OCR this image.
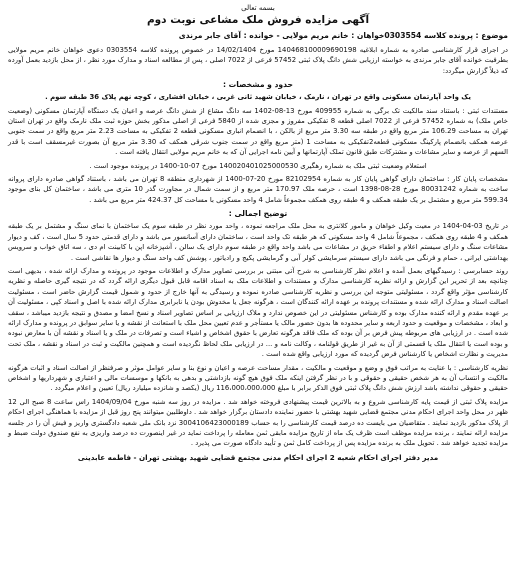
بسمه تعالی
آگهی مزایده فروش ملک مشاعی نوبت دوم
موضوع : پرونده کلاسه 0303554خواهان : خانم مریم مولایی - خوانده : آقای جابر مرندی

در اجرای قرار کارشناسی صادره به شماره ابلاغیه 140468100009690198 مورخ 14/02/1404 در خصوص پرونده کلاسه 0303554 دعوی خواهان خانم مریم مولایی بطرفیت خوانده آقای جابر مرندی به خواسته ارزیابی شش دانگ پلاک ثبتی 57452 فرعی از 7022 اصلی ، پس از مطالعه اسناد و مدارک مورد نظر ، از محل بازدید بعمل آورده که ذیلاً گزارش میگردد:

حدود و مشخصات :

یک واحد آپارتمان مسکونی واقع در تهران ، نارمک ، خیابان شهید ثانی غربی ، خیابان افشاری ، کوچه نهم پلاک 36 طبقه سوم .

مستندات ثبتی : باستناد سند مالکیت تک برگی به شماره 409955 مورخ 13-08-1402 سه دانگ مشاع از شش دانگ عرصه و اعیان یک دستگاه آپارتمان مسکونی (وضعیت خاص ملک) به شماره 57452 فرعی از 7022 اصلی قطعه 8 تفکیکی مفروز و مجزی شده از 5840 فرعی از اصلی مذکور بخش حوزه ثبت ملک نارمک واقع در تهران استان تهران به مساحت 106.29 متر مربع واقع در طبقه سه 3.30 متر مربع از بالکن ، با انضمام انباری مسکونی قطعه 2 تفکیکی به مساحت 2.23 متر مربع واقع در سمت جنوبی عرصه همکف بانضمام پارکینگ مسکونی قطعه2تفکیکی به مساحت 1 (متر مربع واقع در سمت جنوب شرقی همکف که 3.30 متر مربع آن بصورت غیرمسقف است با قدر السهم از عرصه و سایر مشاعات و مشترکات طبق قانون تملک آپارتمانها و آیین نامه اجرایی آن که به خانم مریم مولایی انتقال یافته است .

استعلام وضعیت ثبتی ملک به شماره رهگیری 140020401025000530 مورخ 07-10-1400 در پرونده موجود است .

مشخصات پایان کار : ساختمان دارای گواهی پایان کار به شماره 82102954 مورخ 20-07-1400 از شهرداری منطقه 8 تهران می باشد ، باستناد گواهی صادره دارای پروانه ساخت به شماره 80031242 مورخ 28-08-1398 است ، حرصه ملک 170.97 متر مربع و از سمت شمال در مجاورت گذر 10 متری می باشد ، ساختمان کل بنای موجود 599.34 متر مربع و مشتمل بر یک طبقه همکف و 4 طبقه روی همکف مجموعاً شامل 4 واحد مسکونی با مساحت کل 424.37 متر مربع می باشد .

توضیح اجمالی :

در تاریخ 03-04-1404 در معیت وکیل خواهان و مامور کلانتری به محل ملک مراجعه نموده ، واحد مورد نظر در طبقه سوم یک ساختمان با نمای سنگ و مشتمل بر یک طبقه همکف و 4 طبقه روی همکف ، مجموعاً شامل 4 واحد مسکونی که هر طبقه تک واحد است ، ساختمان دارای آسانسور می باشد و دارای قدمتی حدود 5 سال است ، کف و دیوار مشاعات سنگ و دارای سیستم اعلام و اطفاء حریق در مشاعات می باشد واحد واقع در طبقه سوم دارای یک سالن ، آشپزخانه اپن با کابینت ام دی ، سه اتاق خواب و سرویس بهداشتی ایرانی ، حمام و فرنگی می باشد دارای سیستم سرمایشی کولر آبی و گرمایشی پکیج و رادیاتور ، پوشش کف واحد سنگ و دیوار ها نقاشی است .

روند حسابرسی : رسیدگیهای بعمل آمده و اعلام نظر کارشناسی به شرح آتی مبتنی بر بررسی تصاویر مدارک و اطلاعات موجود در پرونده و مدارک ارائه شده ، بدیهی است چنانچه بعد از تحریر این گزارش و ارائه نظریه کارشناسی مدارک و مستندات و اطلاعات ملک به اسناد اقامه قابل قبول دیگری ارائه گردد که در نتیجه گیری حاصله و نظریه کارشناسی مؤثر واقع گردد ، مسئولیتی متوجه این بررسی و نظریه کارشناسی صادره نموده و رسیدگی به آنها خارج از حدود و شمول قیمت گزارش حاضر است ، مسئولیت اصالت اسناد و مدارک ارائه شده و مستندات پرونده بر عهده ارائه کنندگان است ، هرگونه جعل یا مخدوش بودن یا نابرابری مدارک ارائه شده با اصل و اسناد کپی ، مسئولیت آن بر عهده مقدم و ارائه کننده مدارک بوده و کارشناس مسئولیتی در این خصوص ندارد و ملاک ارزیابی بر اساس تصاویر اسناد و نسخ امضا و مصدق و نتیجه بازدید میباشد ، سقف و ابعاد ، مشخصات و موقعیت و حدود اربعه و سایر محدوده ها بدون حضور مالک یا مستأجر و عدم تعیین محل ملک با استعانت از نقشه و یا سایر سوابق در پرونده و مدارک ارائه شده است . در ارزیابی های مربوطه پیش فرض بر آن بوده که ملک فاقد هرگونه تعارض با حقوق اشخاص و اشیاء است و تصرفات در ملک و یا اسناد و نقشه آن با معارض نبوده و بوده است یا انتقال ملک یا قسمتی از آن به غیر از طریق قولنامه ، وکالت نامه و ... در ارزیابی ملک لحاظ نگردیده است و همچنین مالکیت و ثبت در اسناد و نقشه ، ملک تحت مدیریت و نظارت اشخاص یا کارشناس فرض گردیده که مورد ارزیابی واقع شده است .

نظریه کارشناسی : با عنایت به مراتب فوق و وضع و موقعیت و مالکیت ، مقدار مساحت عرصه و اعیان و نوع بنا و سایر عوامل موثر و صرفنظر از اصالت اسناد و اثبات هرگونه مالکیت و انتساب آن به هر شخص حقیقی و حقوقی و با در نظر گرفتن اینکه ملک فوق هیچ گونه بازداشتی و بدهی به بانکها و موسسات مالی و اعتباری و شهرداریها و اشخاص حقیقی و حقوقی نداشته باشد ارزش شش دانگ پلاک ثبتی فوق الذکر برابر با مبلغ 116،000،000،000 ریال (یکصد و شانزده میلیارد ریال) تعیین و اعلام میگردد .

مزایده پلاک ثبتی از قیمت پایه کارشناسی شروع و به بالاترین قیمت پیشنهادی فروخته خواهد شد . مزایده در روز سه شنبه مورخ 1404/09/04 راس ساعت 8 صبح الی 12 ظهر در محل واحد اجرای احکام مدنی مجتمع قضایی شهید بهشتی با حضور نماینده دادستان برگزار خواهد شد . داوطلبین میتوانند پنج روز قبل از مزایده با هماهنگی اجرای احکام از پلاک مذکور بازدید نمایند . متقاضیان می بایست ده درصد قیمت کارشناسی را به حساب 3004106423000189 نزد بانک ملی شعبه دادگستری واریز و فیش آن را در جلسه مزایده ارائه نمایند ، برنده مزایده موظف است ظرف یک ماه از تاریخ مزایده مابقی ثمن معامله را پرداخت نماید در غیر اینصورت ده درصد واریزی به نفع صندوق دولت ضبط و مزایده تجدید خواهد شد . تحویل ملک به برنده مزایده پس از پرداخت کامل ثمن و تأیید دادگاه صورت می پذیرد .

مدیر دفتر اجرای احکام شعبه 2 اجرای احکام مدنی مجتمع قضایی شهید بهشتی تهران - فاطمه عابدینی
